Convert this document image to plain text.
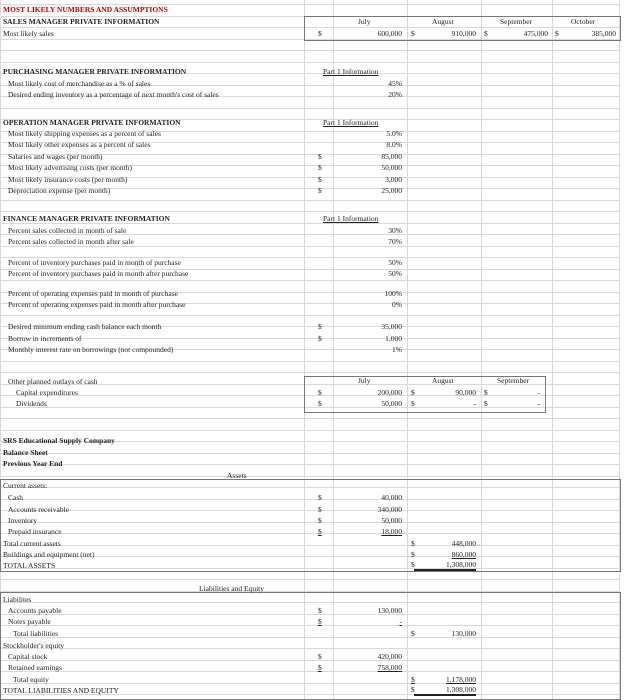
MOST LIKELY NUMBERS AND ASSUMPTIONS
SALES MANAGER PRIVATE INFORMATION
Most likely sales
July	August	September	October
$	600,000 $	910,000 $	475,000 $	385,000
PURCHASING MANAGER PRIVATE INFORMATION	Part 1 Information
Most likely cost of merchandise as a % of sales	45%
Desired ending inventory as a percentage of next month's cost of sales	20%
OPERATION MANAGER PRIVATE INFORMATION	Part 1 Information
Most likely shipping expenses as a percent of sales	5.0%
Most likely other expenses as a percent of sales	8.0%
Salaries and wages (per month)	$	85,000
Most likely advertising costs (per month)	$	50,000
Most likely insurance costs (per month)	$	3,000
Depreciation expense (per month)	$	25,000
FINANCE MANAGER PRIVATE INFORMATION	Part 1 Information
Percent sales collected in month of sale	30%
Percent sales collected in month after sale	70%
Percent of inventory purchases paid in month of purchase	50%
Percent of inventory purchases paid in month after purchase	50%
Percent of operating expenses paid in month of purchase	100%
Percent of operating expenses paid in month after purchase	0%
Desired minimum ending cash balance each month	$	35,000
Borrow in increments of	$	1,000
Monthly interest rate on borrowings (not compounded)	1%
Other planned outlays of cash	July	August	September
Capital expenditures	$	200,000 $	90,000 $	-
Dividends	$	50,000 $	- $	-
SRS Educational Supply Company
Balance Sheet
Previous Year End
Assets
Current assets:
Cash	$	40,000
Accounts receivable	$	340,000
Inventory	$	50,000
Prepaid insurance	$	18,000
Total current assets	$	448,000
Buildings and equipment (net)	$	860,000
TOTAL ASSETS	$	1,308,000
Liabilities and Equity
Liabilites
Accounts payable	$	130,000
Notes payable	$	-
Total liabilities	$	130,000
Stockholder's equity
Capital stock	$	420,000
Retained earnings	$	758,000
Total equity	$	1,178,000
TOTAL LIABILITIES AND EQUITY	$	1,308,000
